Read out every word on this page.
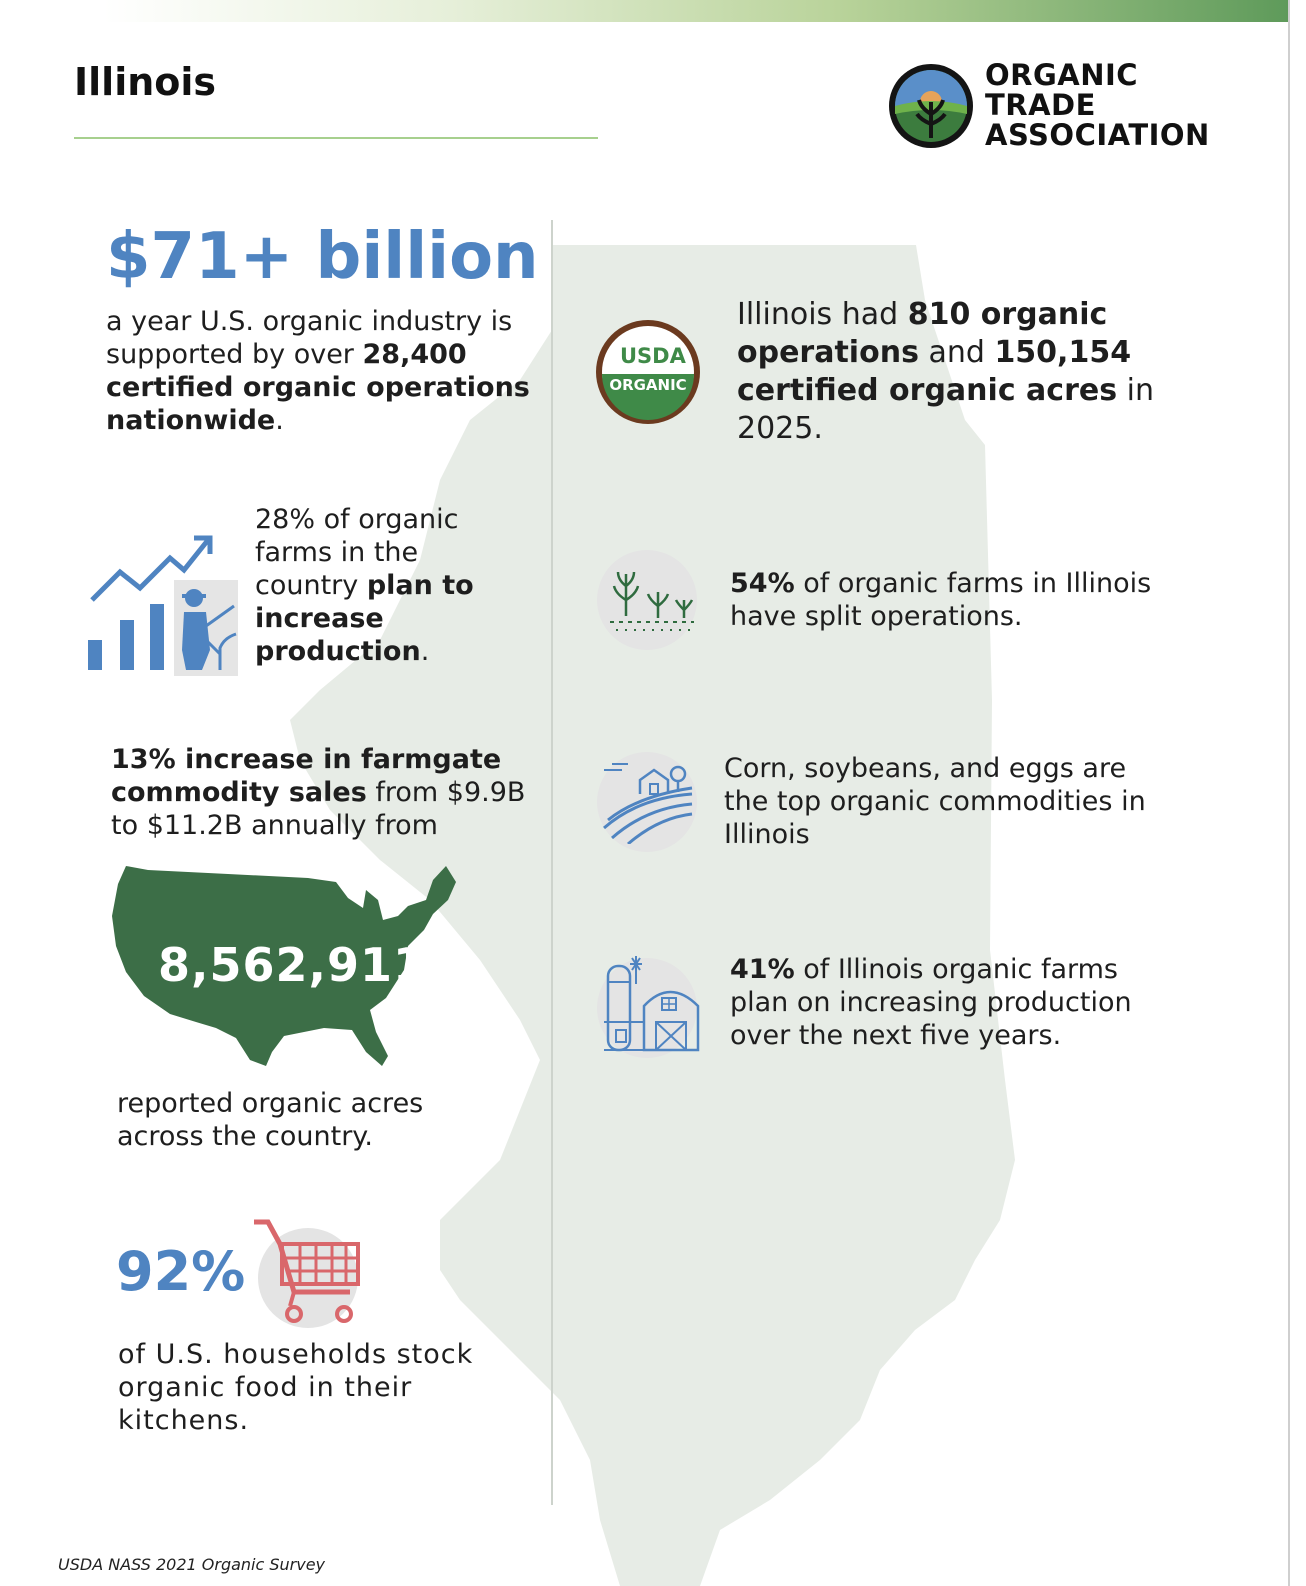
Illinois	ORGANIC
TRADE
ASSOCIATION
$71+ billion
a year U.S. organic industry is supported by over 28,400 certified organic operations nationwide.
28% of organic farms in the country plan to increase production.
13% increase in farmgate commodity sales from $9.9B to $11.2B annually from
8,562,911
reported organic acres across the country.
92%
of U.S. households stock organic food in their kitchens.
USDA
ORGANIC
Illinois had 810 organic operations and 150,154 certified organic acres in 2025.
54% of organic farms in Illinois have split operations.
Corn, soybeans, and eggs are the top organic commodities in Illinois
41% of Illinois organic farms plan on increasing production over the next five years.
USDA NASS 2021 Organic Survey
